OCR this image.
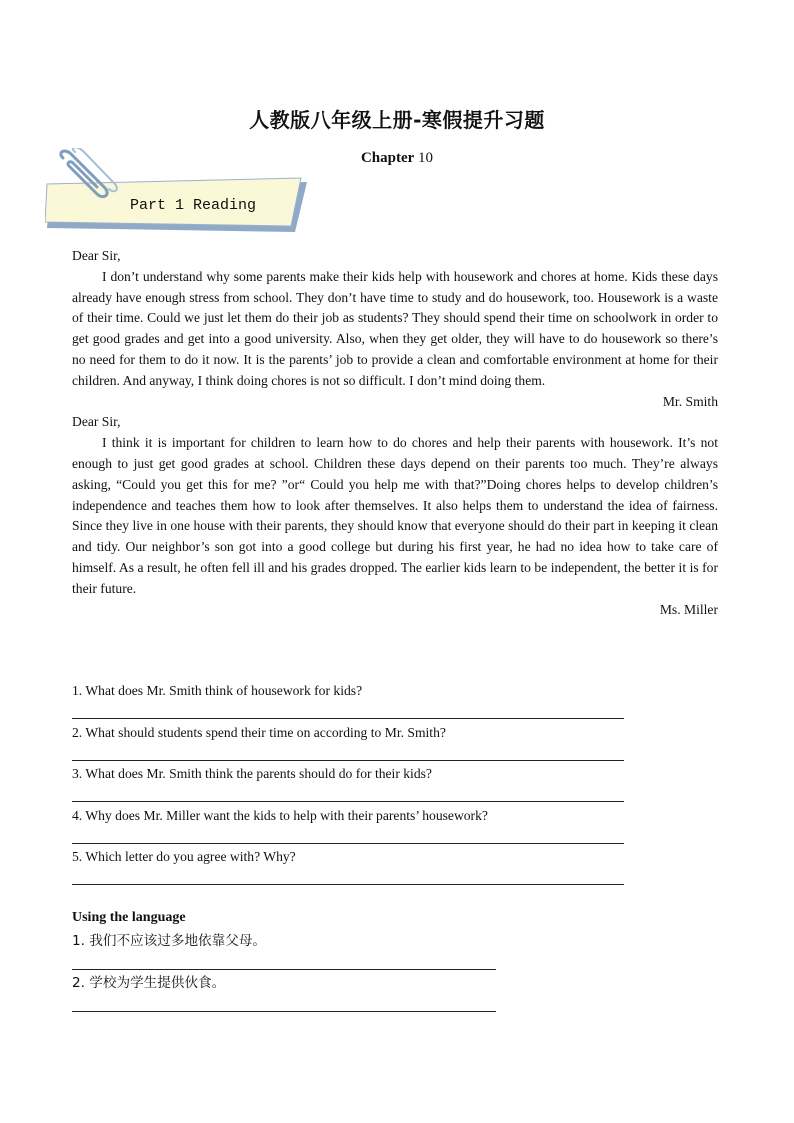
人教版八年级上册-寒假提升习题
Chapter 10
Part 1 Reading

Dear Sir,

I don’t understand why some parents make their kids help with housework and chores at home. Kids these days already have enough stress from school. They don’t have time to study and do housework, too. Housework is a waste of their time. Could we just let them do their job as students? They should spend their time on schoolwork in order to get good grades and get into a good university. Also, when they get older, they will have to do housework so there’s no need for them to do it now. It is the parents’ job to provide a clean and comfortable environment at home for their children. And anyway, I think doing chores is not so difficult. I don’t mind doing them.

Mr. Smith

Dear Sir,

I think it is important for children to learn how to do chores and help their parents with housework. It’s not enough to just get good grades at school. Children these days depend on their parents too much. They’re always asking, “Could you get this for me? ”or“ Could you help me with that?”Doing chores helps to develop children’s independence and teaches them how to look after themselves. It also helps them to understand the idea of fairness. Since they live in one house with their parents, they should know that everyone should do their part in keeping it clean and tidy. Our neighbor’s son got into a good college but during his first year, he had no idea how to take care of himself. As a result, he often fell ill and his grades dropped. The earlier kids learn to be independent, the better it is for their future.

Ms. Miller

1. What does Mr. Smith think of housework for kids?
2. What should students spend their time on according to Mr. Smith?
3. What does Mr. Smith think the parents should do for their kids?
4. Why does Mr. Miller want the kids to help with their parents’ housework?
5. Which letter do you agree with? Why?
Using the language
1. 我们不应该过多地依靠父母。
2. 学校为学生提供伙食。
